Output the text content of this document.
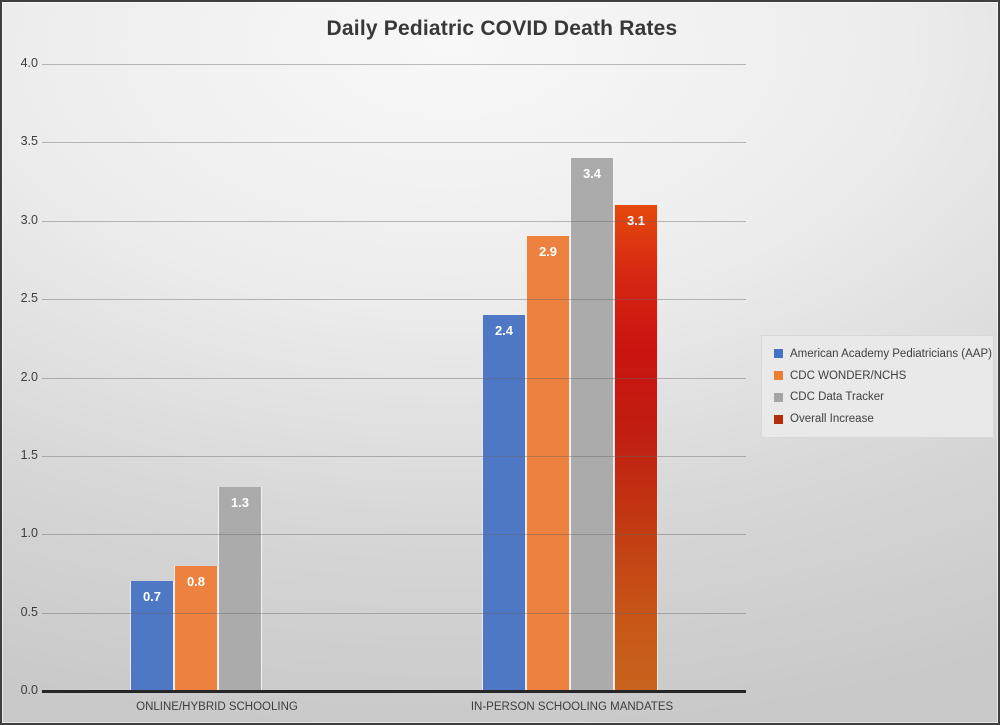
Daily Pediatric COVID Death Rates
American Academy Pediatricians (AAP)
CDC WONDER/NCHS
CDC Data Tracker
Overall Increase
0.7
2.4
0.8
2.9
1.3
3.4
3.1
4.0
3.5
3.0
2.5
2.0
1.5
1.0
0.5
0.0
ONLINE/HYBRID SCHOOLING	IN-PERSON SCHOOLING MANDATES
